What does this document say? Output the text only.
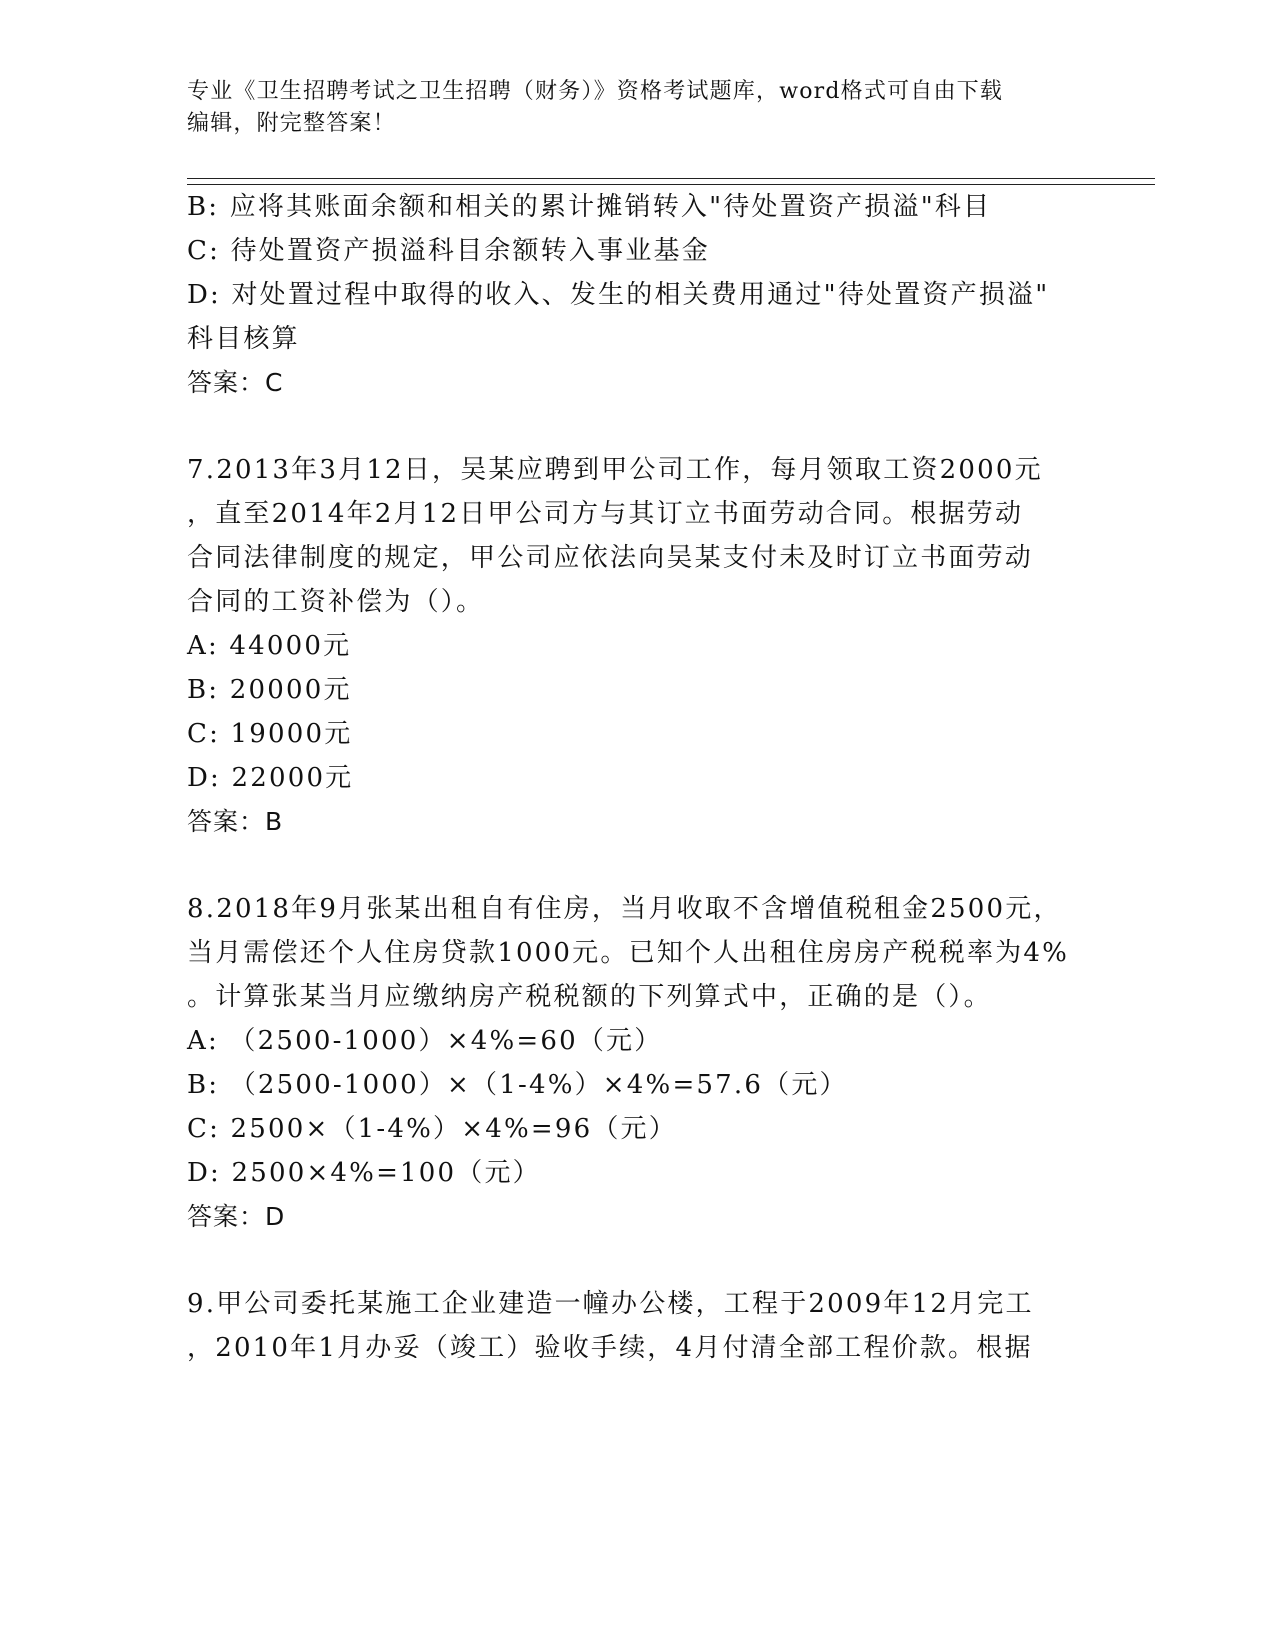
专业《卫生招聘考试之卫生招聘（财务）》资格考试题库，word格式可自由下载
编辑，附完整答案！
B: 应将其账面余额和相关的累计摊销转入"待处置资产损溢"科目
C: 待处置资产损溢科目余额转入事业基金
D: 对处置过程中取得的收入、发生的相关费用通过"待处置资产损溢"
科目核算
答案：C
7.2013年3月12日，吴某应聘到甲公司工作，每月领取工资2000元
，直至2014年2月12日甲公司方与其订立书面劳动合同。根据劳动
合同法律制度的规定，甲公司应依法向吴某支付未及时订立书面劳动
合同的工资补偿为（）。
A: 44000元
B: 20000元
C: 19000元
D: 22000元
答案：B
8.2018年9月张某出租自有住房，当月收取不含增值税租金2500元，
当月需偿还个人住房贷款1000元。已知个人出租住房房产税税率为4%
。计算张某当月应缴纳房产税税额的下列算式中，正确的是（）。
A: （2500-1000）×4%=60（元）
B: （2500-1000）×（1-4%）×4%=57.6（元）
C: 2500×（1-4%）×4%=96（元）
D: 2500×4%=100（元）
答案：D
9.甲公司委托某施工企业建造一幢办公楼，工程于2009年12月完工
，2010年1月办妥（竣工）验收手续，4月付清全部工程价款。根据
